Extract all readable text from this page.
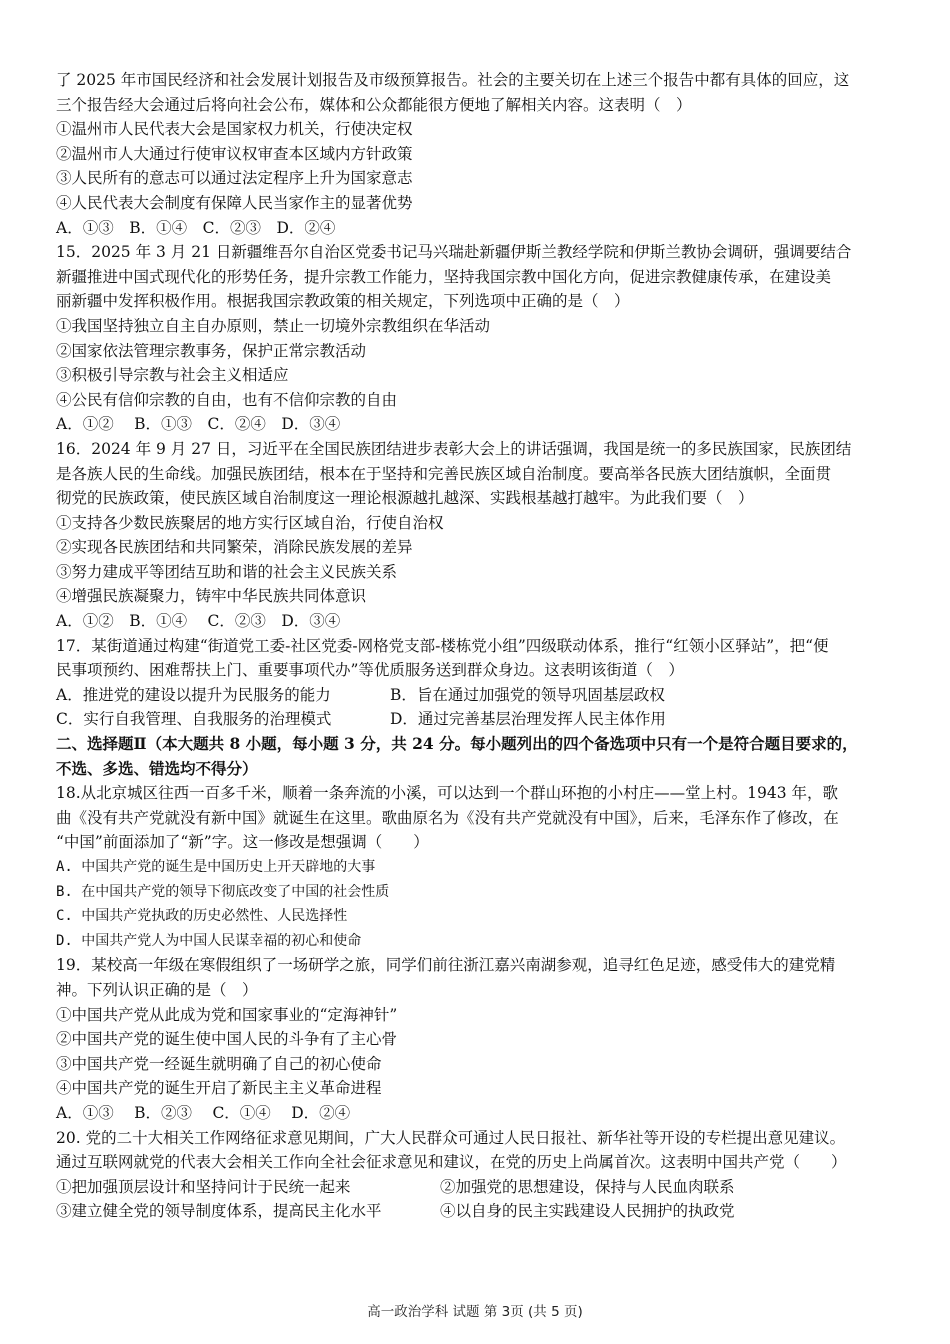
了 2025 年市国民经济和社会发展计划报告及市级预算报告。社会的主要关切在上述三个报告中都有具体的回应，这
三个报告经大会通过后将向社会公布，媒体和公众都能很方便地了解相关内容。这表明（　）
①温州市人民代表大会是国家权力机关，行使决定权
②温州市人大通过行使审议权审查本区域内方针政策
③人民所有的意志可以通过法定程序上升为国家意志
④人民代表大会制度有保障人民当家作主的显著优势
A．①③　B．①④　C．②③　D．②④
15．2025 年 3 月 21 日新疆维吾尔自治区党委书记马兴瑞赴新疆伊斯兰教经学院和伊斯兰教协会调研，强调要结合
新疆推进中国式现代化的形势任务，提升宗教工作能力，坚持我国宗教中国化方向，促进宗教健康传承，在建设美
丽新疆中发挥积极作用。根据我国宗教政策的相关规定，下列选项中正确的是（　）
①我国坚持独立自主自办原则，禁止一切境外宗教组织在华活动
②国家依法管理宗教事务，保护正常宗教活动
③积极引导宗教与社会主义相适应
④公民有信仰宗教的自由，也有不信仰宗教的自由
A．①②　 B．①③　C．②④　D．③④
16．2024 年 9 月 27 日，习近平在全国民族团结进步表彰大会上的讲话强调，我国是统一的多民族国家，民族团结
是各族人民的生命线。加强民族团结，根本在于坚持和完善民族区域自治制度。要高举各民族大团结旗帜，全面贯
彻党的民族政策，使民族区域自治制度这一理论根源越扎越深、实践根基越打越牢。为此我们要（　）
①支持各少数民族聚居的地方实行区域自治，行使自治权
②实现各民族团结和共同繁荣，消除民族发展的差异
③努力建成平等团结互助和谐的社会主义民族关系
④增强民族凝聚力，铸牢中华民族共同体意识
A．①②　B．①④　 C．②③　D．③④
17．某街道通过构建“街道党工委-社区党委-网格党支部-楼栋党小组”四级联动体系，推行“红领小区驿站”，把“便
民事项预约、困难帮扶上门、重要事项代办”等优质服务送到群众身边。这表明该街道（　）
A．推进党的建设以提升为民服务的能力	B．旨在通过加强党的领导巩固基层政权
C．实行自我管理、自我服务的治理模式	D．通过完善基层治理发挥人民主体作用
二、选择题Ⅱ（本大题共 8 小题，每小题 3 分，共 24 分。每小题列出的四个备选项中只有一个是符合题目要求的，
不选、多选、错选均不得分）
18.从北京城区往西一百多千米，顺着一条奔流的小溪，可以达到一个群山环抱的小村庄——堂上村。1943 年，歌
曲《没有共产党就没有新中国》就诞生在这里。歌曲原名为《没有共产党就没有中国》，后来，毛泽东作了修改，在
“中国”前面添加了“新”字。这一修改是想强调（　　）
A. 中国共产党的诞生是中国历史上开天辟地的大事
B. 在中国共产党的领导下彻底改变了中国的社会性质
C. 中国共产党执政的历史必然性、人民选择性
D. 中国共产党人为中国人民谋幸福的初心和使命
19．某校高一年级在寒假组织了一场研学之旅，同学们前往浙江嘉兴南湖参观，追寻红色足迹，感受伟大的建党精
神。下列认识正确的是（　）
①中国共产党从此成为党和国家事业的“定海神针”
②中国共产党的诞生使中国人民的斗争有了主心骨
③中国共产党一经诞生就明确了自己的初心使命
④中国共产党的诞生开启了新民主主义革命进程
A．①③　 B．②③　 C．①④　 D．②④
20. 党的二十大相关工作网络征求意见期间，广大人民群众可通过人民日报社、新华社等开设的专栏提出意见建议。
通过互联网就党的代表大会相关工作向全社会征求意见和建议，在党的历史上尚属首次。这表明中国共产党（　　）
①把加强顶层设计和坚持问计于民统一起来	②加强党的思想建设，保持与人民血肉联系
③建立健全党的领导制度体系，提高民主化水平	④以自身的民主实践建设人民拥护的执政党
高一政治学科 试题 第 3页 (共 5 页)
